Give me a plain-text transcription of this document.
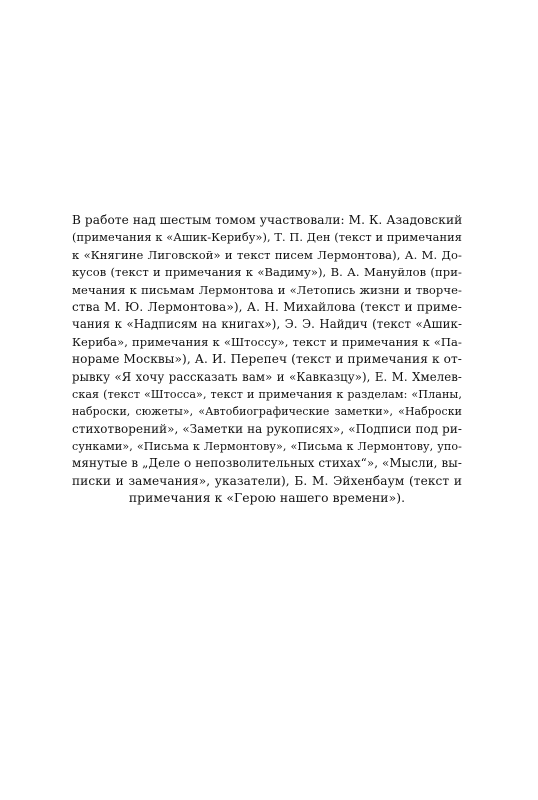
В работе над шестым томом участвовали: М. К. Азадовский
(примечания к «Ашик-Керибу»), Т. П. Ден (текст и примечания
к «Княгине Лиговской» и текст писем Лермонтова), А. М. До-
кусов (текст и примечания к «Вадиму»), В. А. Мануйлов (при-
мечания к письмам Лермонтова и «Летопись жизни и творче-
ства М. Ю. Лермонтова»), А. Н. Михайлова (текст и приме-
чания к «Надписям на книгах»), Э. Э. Найдич (текст «Ашик-
Кериба», примечания к «Штоссу», текст и примечания к «Па-
нораме Москвы»), А. И. Перепеч (текст и примечания к от-
рывку «Я хочу рассказать вам» и «Кавказцу»), Е. М. Хмелев-
ская (текст «Штосса», текст и примечания к разделам: «Планы,
наброски, сюжеты», «Автобиографические заметки», «Наброски
стихотворений», «Заметки на рукописях», «Подписи под ри-
сунками», «Письма к Лермонтову», «Письма к Лермонтову, упо-
мянутые в „Деле о непозволительных стихах“», «Мысли, вы-
писки и замечания», указатели), Б. М. Эйхенбаум (текст и
примечания к «Герою нашего времени»).
